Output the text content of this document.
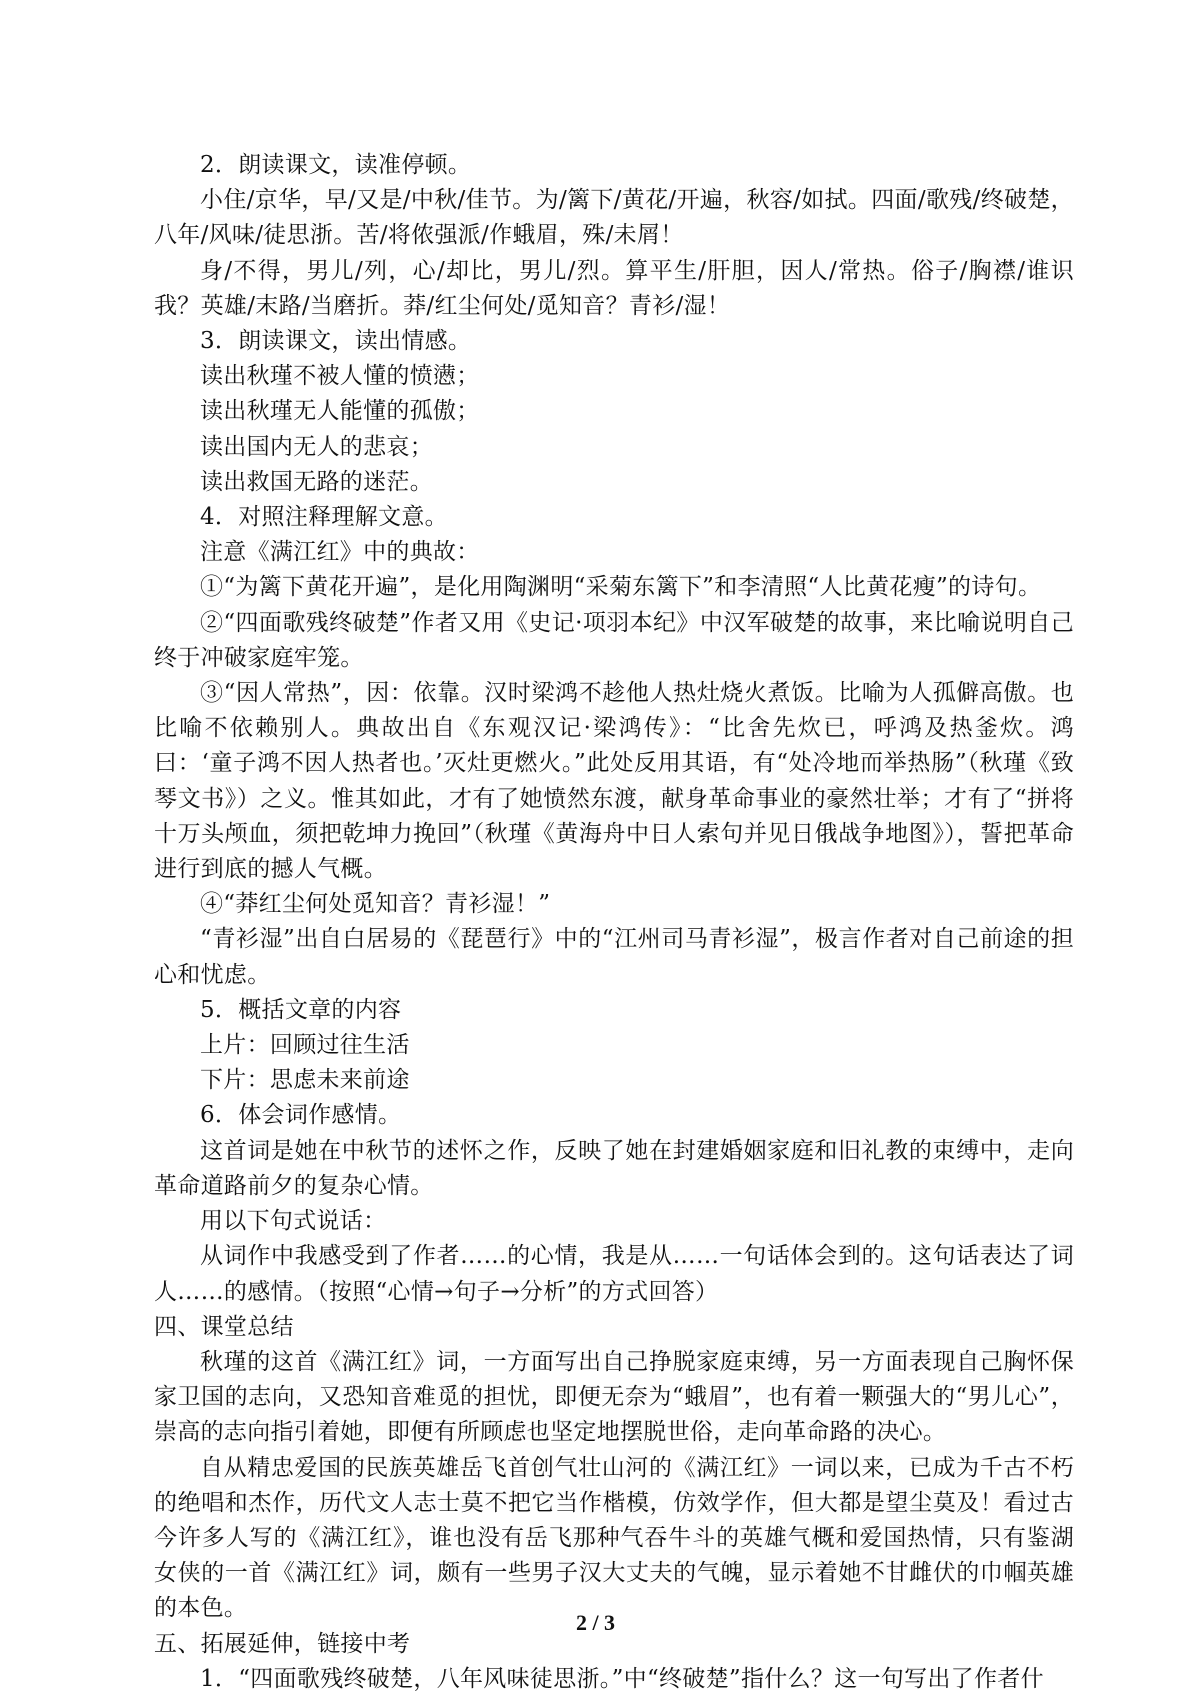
2．朗读课文，读准停顿。

小住/京华，早/又是/中秋/佳节。为/篱下/黄花/开遍，秋容/如拭。四面/歌残/终破楚，八年/风味/徒思浙。苦/将侬强派/作蛾眉，殊/未屑！

身/不得，男儿/列，心/却比，男儿/烈。算平生/肝胆，因人/常热。俗子/胸襟/谁识我？英雄/末路/当磨折。莽/红尘何处/觅知音？青衫/湿！

3．朗读课文，读出情感。

读出秋瑾不被人懂的愤懑；

读出秋瑾无人能懂的孤傲；

读出国内无人的悲哀；

读出救国无路的迷茫。

4．对照注释理解文意。

注意《满江红》中的典故：

①“为篱下黄花开遍”，是化用陶渊明“采菊东篱下”和李清照“人比黄花瘦”的诗句。

②“四面歌残终破楚”作者又用《史记·项羽本纪》中汉军破楚的故事，来比喻说明自己终于冲破家庭牢笼。

③“因人常热”，因：依靠。汉时梁鸿不趁他人热灶烧火煮饭。比喻为人孤僻高傲。也比喻不依赖别人。典故出自《东观汉记·梁鸿传》：“比舍先炊已，呼鸿及热釜炊。鸿曰：‘童子鸿不因人热者也。’灭灶更燃火。”此处反用其语，有“处冷地而举热肠”（秋瑾《致琴文书》）之义。惟其如此，才有了她愤然东渡，献身革命事业的豪然壮举；才有了“拼将十万头颅血，须把乾坤力挽回”（秋瑾《黄海舟中日人索句并见日俄战争地图》），誓把革命进行到底的撼人气概。

④“莽红尘何处觅知音？青衫湿！”

“青衫湿”出自白居易的《琵琶行》中的“江州司马青衫湿”，极言作者对自己前途的担心和忧虑。

5．概括文章的内容

上片：回顾过往生活

下片：思虑未来前途

6．体会词作感情。

这首词是她在中秋节的述怀之作，反映了她在封建婚姻家庭和旧礼教的束缚中，走向革命道路前夕的复杂心情。

用以下句式说话：

从词作中我感受到了作者……的心情，我是从……一句话体会到的。这句话表达了词人……的感情。（按照“心情→句子→分析”的方式回答）

四、课堂总结

秋瑾的这首《满江红》词，一方面写出自己挣脱家庭束缚，另一方面表现自己胸怀保家卫国的志向，又恐知音难觅的担忧，即便无奈为“蛾眉”，也有着一颗强大的“男儿心”，崇高的志向指引着她，即便有所顾虑也坚定地摆脱世俗，走向革命路的决心。

自从精忠爱国的民族英雄岳飞首创气壮山河的《满江红》一词以来，已成为千古不朽的绝唱和杰作，历代文人志士莫不把它当作楷模，仿效学作，但大都是望尘莫及！看过古今许多人写的《满江红》，谁也没有岳飞那种气吞牛斗的英雄气概和爱国热情，只有鉴湖女侠的一首《满江红》词，颇有一些男子汉大丈夫的气魄，显示着她不甘雌伏的巾帼英雄的本色。

五、拓展延伸，链接中考

1．“四面歌残终破楚，八年风味徒思浙。”中“终破楚”指什么？这一句写出了作者什

2 / 3
